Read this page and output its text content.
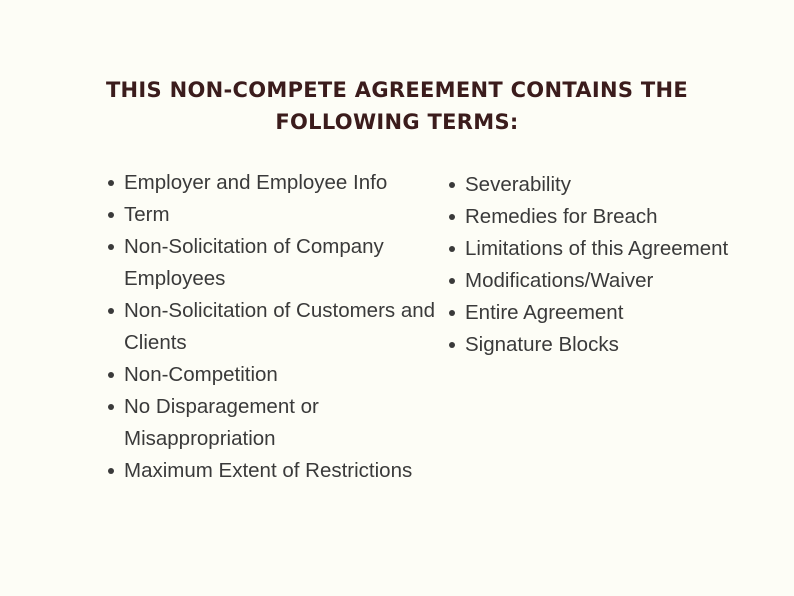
THIS NON-COMPETE AGREEMENT CONTAINS THE FOLLOWING TERMS:
Employer and Employee Info
Term
Non-Solicitation of Company Employees
Non-Solicitation of Customers and Clients
Non-Competition
No Disparagement or Misappropriation
Maximum Extent of Restrictions
Severability
Remedies for Breach
Limitations of this Agreement
Modifications/Waiver
Entire Agreement
Signature Blocks
